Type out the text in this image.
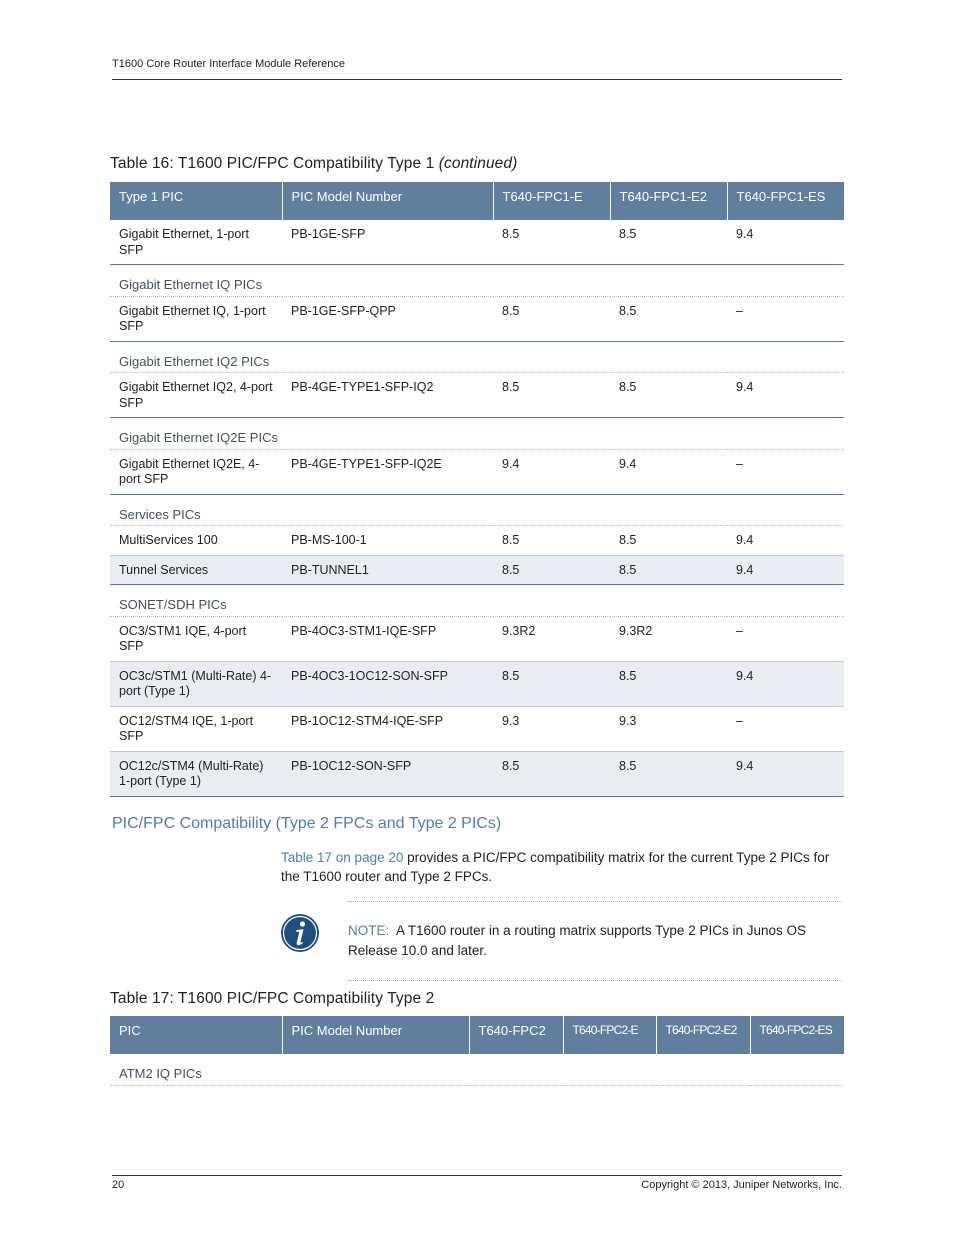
T1600 Core Router Interface Module Reference
Table 16: T1600 PIC/FPC Compatibility Type 1 (continued)
Type 1 PIC	PIC Model Number	T640-FPC1-E	T640-FPC1-E2	T640-FPC1-ES
Gigabit Ethernet, 1-port SFP	PB-1GE-SFP	8.5	8.5	9.4
Gigabit Ethernet IQ PICs				
Gigabit Ethernet IQ, 1-port SFP	PB-1GE-SFP-QPP	8.5	8.5	–
Gigabit Ethernet IQ2 PICs				
Gigabit Ethernet IQ2, 4-port SFP	PB-4GE-TYPE1-SFP-IQ2	8.5	8.5	9.4
Gigabit Ethernet IQ2E PICs				
Gigabit Ethernet IQ2E, 4-port SFP	PB-4GE-TYPE1-SFP-IQ2E	9.4	9.4	–
Services PICs				
MultiServices 100	PB-MS-100-1	8.5	8.5	9.4
Tunnel Services	PB-TUNNEL1	8.5	8.5	9.4
SONET/SDH PICs				
OC3/STM1 IQE, 4-port SFP	PB-4OC3-STM1-IQE-SFP	9.3R2	9.3R2	–
OC3c/STM1 (Multi-Rate) 4-port (Type 1)	PB-4OC3-1OC12-SON-SFP	8.5	8.5	9.4
OC12/STM4 IQE, 1-port SFP	PB-1OC12-STM4-IQE-SFP	9.3	9.3	–
OC12c/STM4 (Multi-Rate) 1-port (Type 1)	PB-1OC12-SON-SFP	8.5	8.5	9.4
PIC/FPC Compatibility (Type 2 FPCs and Type 2 PICs)
Table 17 on page 20 provides a PIC/FPC compatibility matrix for the current Type 2 PICs for the T1600 router and Type 2 FPCs.
NOTE: A T1600 router in a routing matrix supports Type 2 PICs in Junos OS Release 10.0 and later.
Table 17: T1600 PIC/FPC Compatibility Type 2
PIC	PIC Model Number	T640-FPC2	T640-FPC2-E	T640-FPC2-E2	T640-FPC2-ES
ATM2 IQ PICs
20	Copyright © 2013, Juniper Networks, Inc.
